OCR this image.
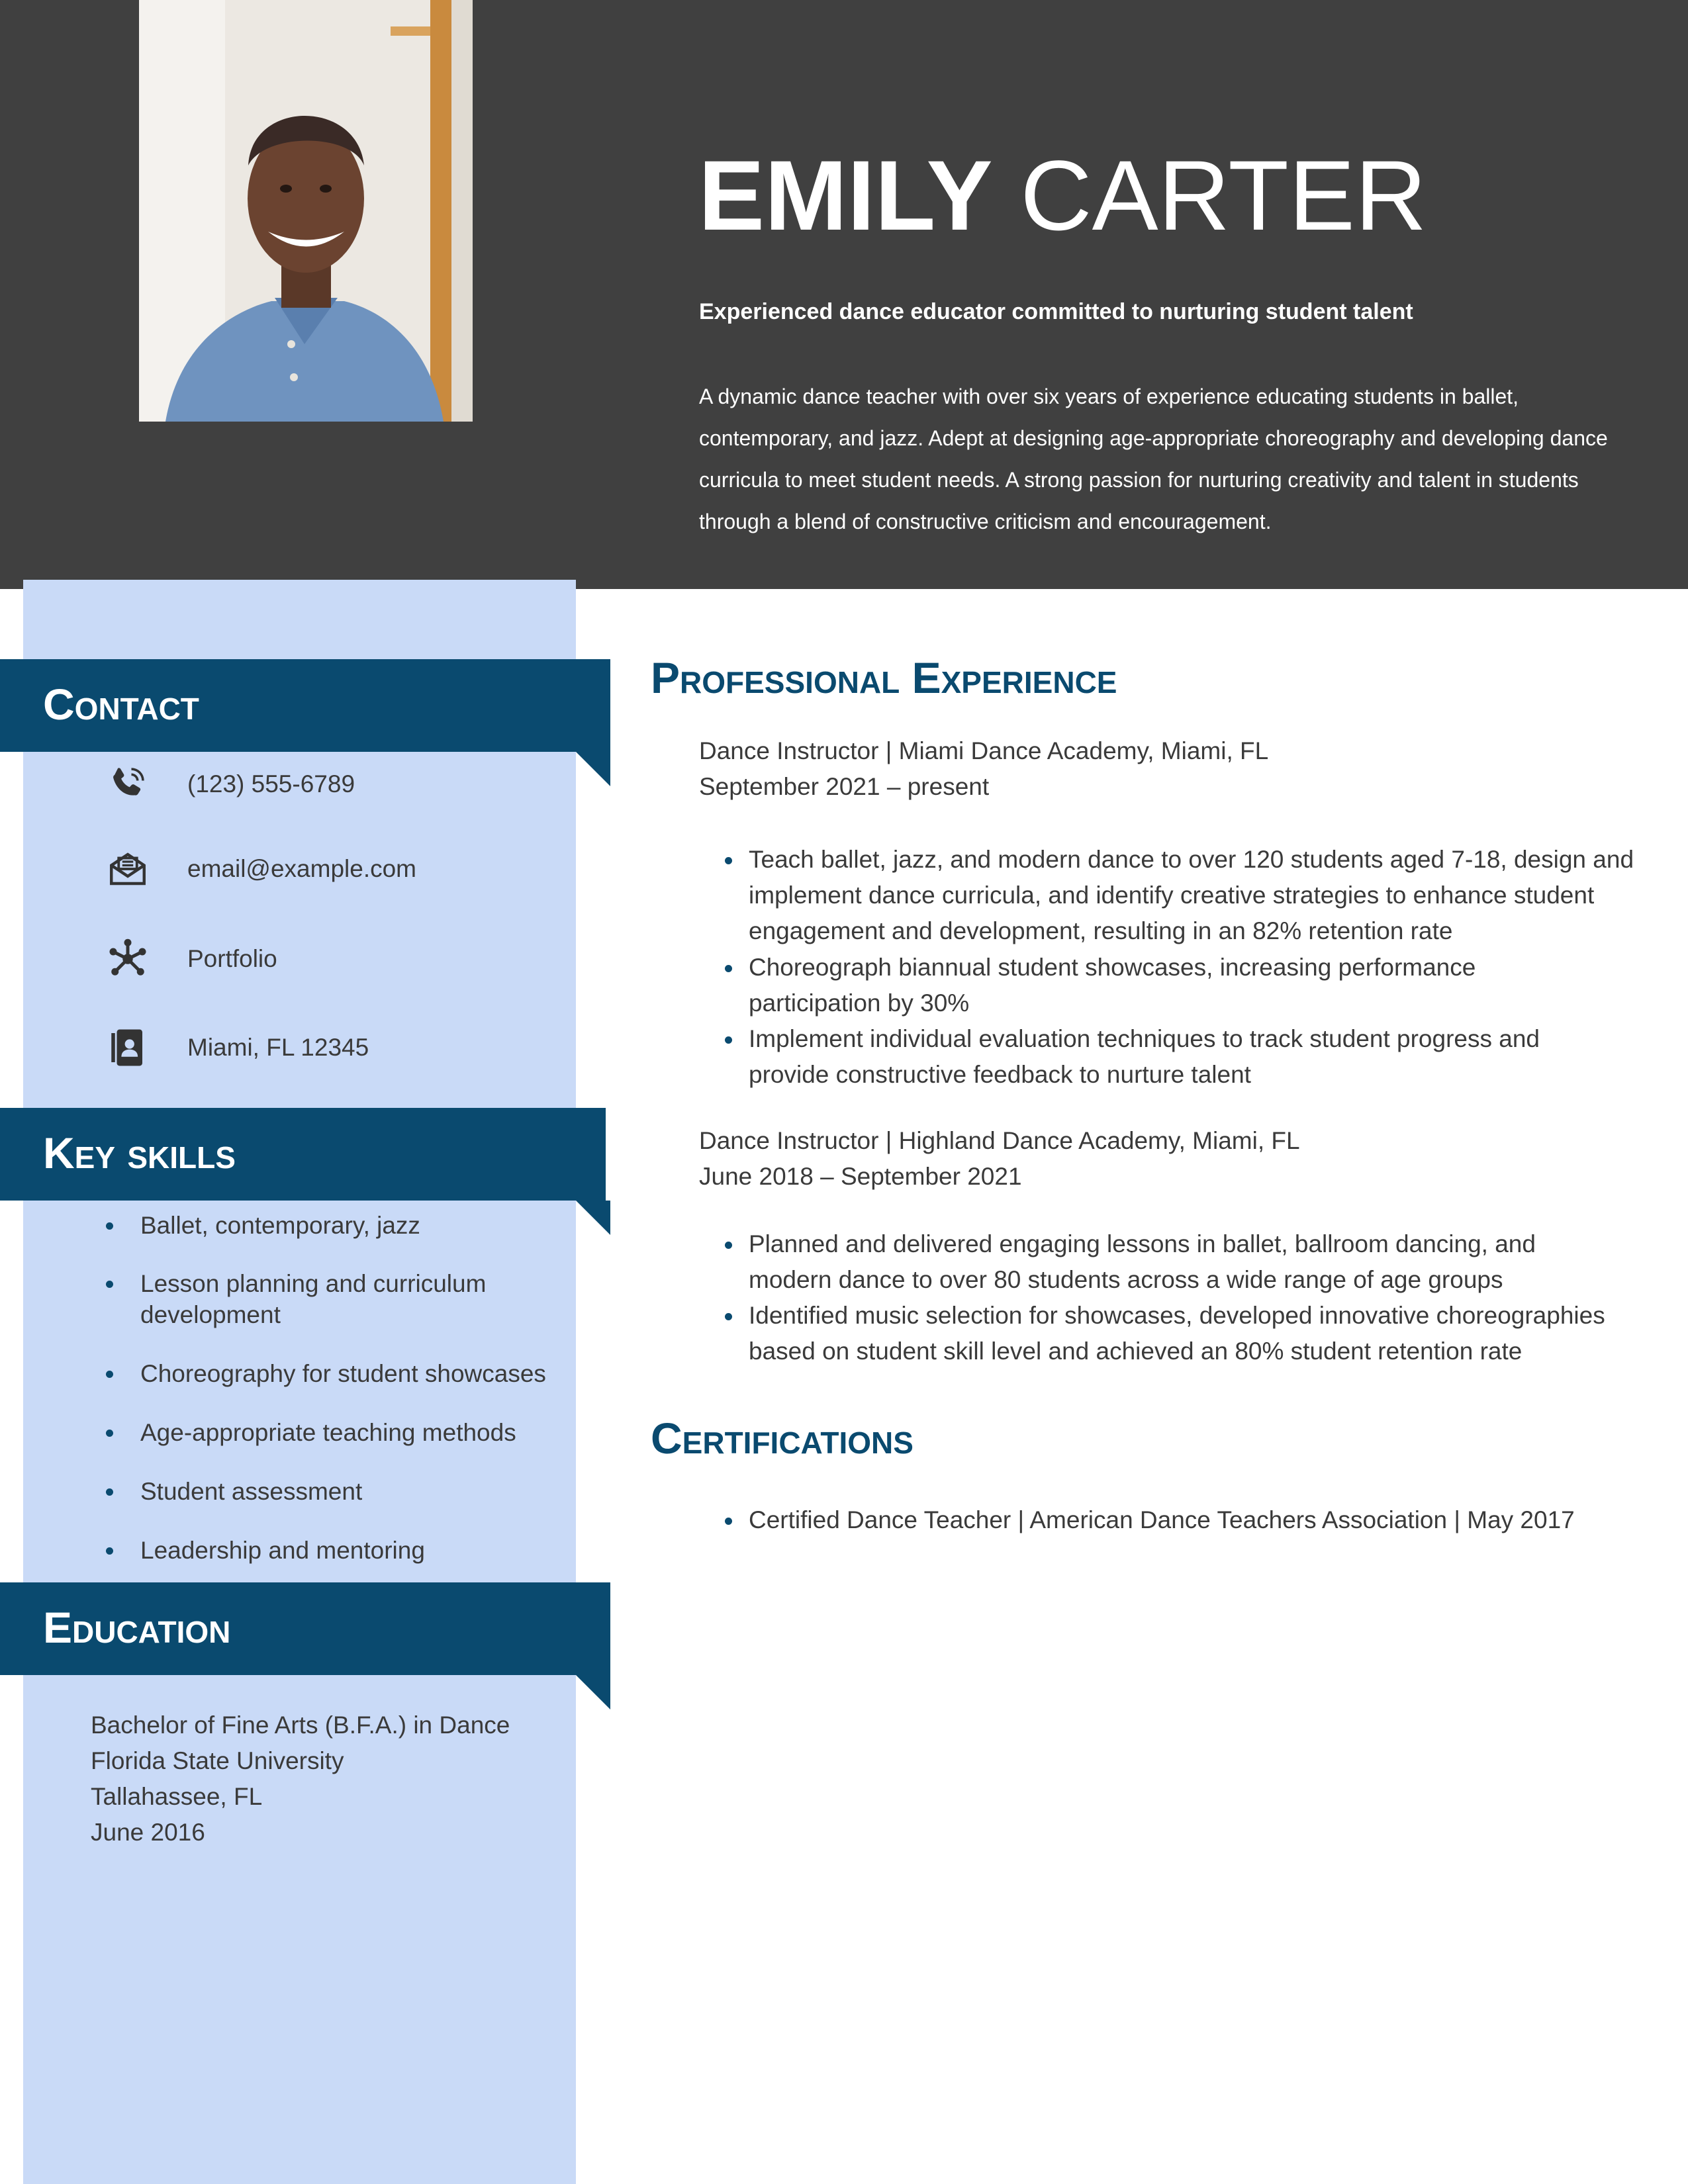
EMILY CARTER
Experienced dance educator committed to nurturing student talent

A dynamic dance teacher with over six years of experience educating students in ballet, contemporary, and jazz. Adept at designing age-appropriate choreography and developing dance curricula to meet student needs. A strong passion for nurturing creativity and talent in students through a blend of constructive criticism and encouragement.

Contact
(123) 555-6789
email@example.com
Portfolio
Miami, FL 12345
Key skills
Ballet, contemporary, jazz
Lesson planning and curriculum development
Choreography for student showcases
Age-appropriate teaching methods
Student assessment
Leadership and mentoring
Education
Bachelor of Fine Arts (B.F.A.) in Dance
Florida State University
Tallahassee, FL
June 2016
Professional Experience
Dance Instructor | Miami Dance Academy, Miami, FL
September 2021 – present
Teach ballet, jazz, and modern dance to over 120 students aged 7-18, design and implement dance curricula, and identify creative strategies to enhance student engagement and development, resulting in an 82% retention rate
Choreograph biannual student showcases, increasing performance participation by 30%
Implement individual evaluation techniques to track student progress and provide constructive feedback to nurture talent
Dance Instructor | Highland Dance Academy, Miami, FL
June 2018 – September 2021
Planned and delivered engaging lessons in ballet, ballroom dancing, and modern dance to over 80 students across a wide range of age groups
Identified music selection for showcases, developed innovative choreographies based on student skill level and achieved an 80% student retention rate
Certifications
Certified Dance Teacher | American Dance Teachers Association | May 2017
